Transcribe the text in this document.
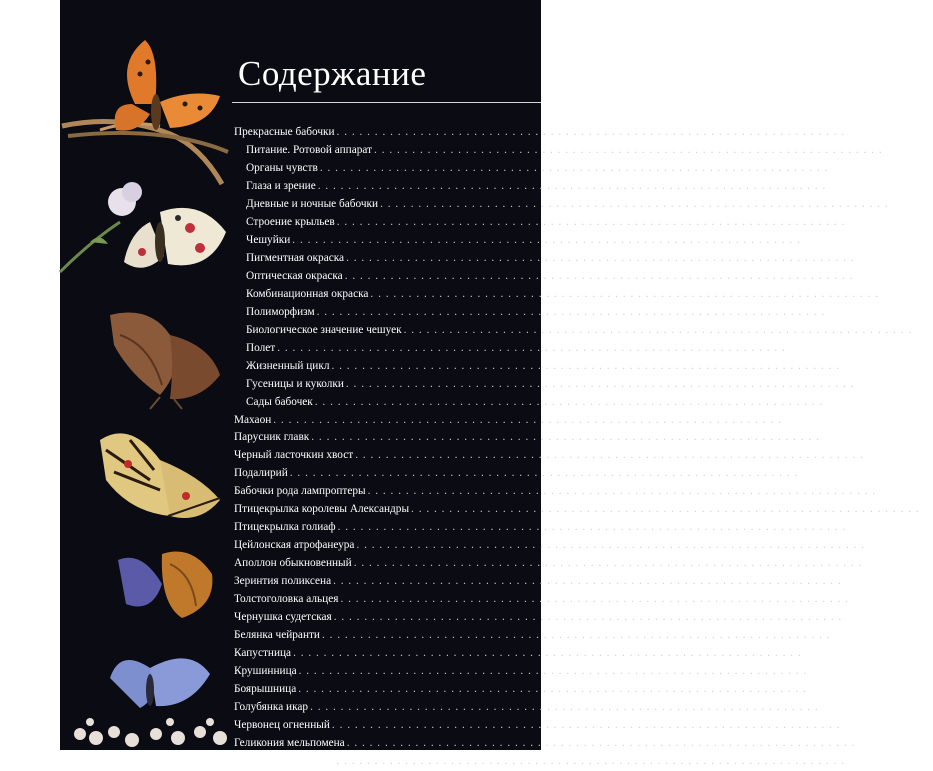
Содержание
Прекрасные бабочки . . .	3
Питание. Ротовой аппарат . . .	4
Органы чувств . . .	6
Глаза и зрение . . .	8
Дневные и ночные бабочки . . .	10
Строение крыльев . . .	12
Чешуйки . . .	14
Пигментная окраска . . .	16
Оптическая окраска . . .	18
Комбинационная окраска . . .	20
Полиморфизм . . .	22
Биологическое значение чешуек . . .	26
Полет . . .	30
Жизненный цикл . . .	36
Гусеницы и куколки . . .	38
Сады бабочек . . .	40
Махаон . . .	42
Парусник главк . . .	46
Черный ласточкин хвост . . .	49
Подалирий . . .	52
Бабочки рода лампроптеры . . .	54
Птицекрылка королевы Александры . . .	56
Птицекрылка голиаф . . .	60
Цейлонская атрофанеура . . .	62
Аполлон обыкновенный . . .	64
Зеринтия поликсена . . .	70
Толстоголовка альцея . . .	74
Чернушка судетская . . .	78
Белянка чейранти . . .	80
Капустница . . .	82
Крушинница . . .	86
Боярышница . . .	88
Голубянка икар . . .	92
Червонец огненный . . .	96
Геликония мельпомена . . .	100
Длиннокрылая зебра . . .	106
